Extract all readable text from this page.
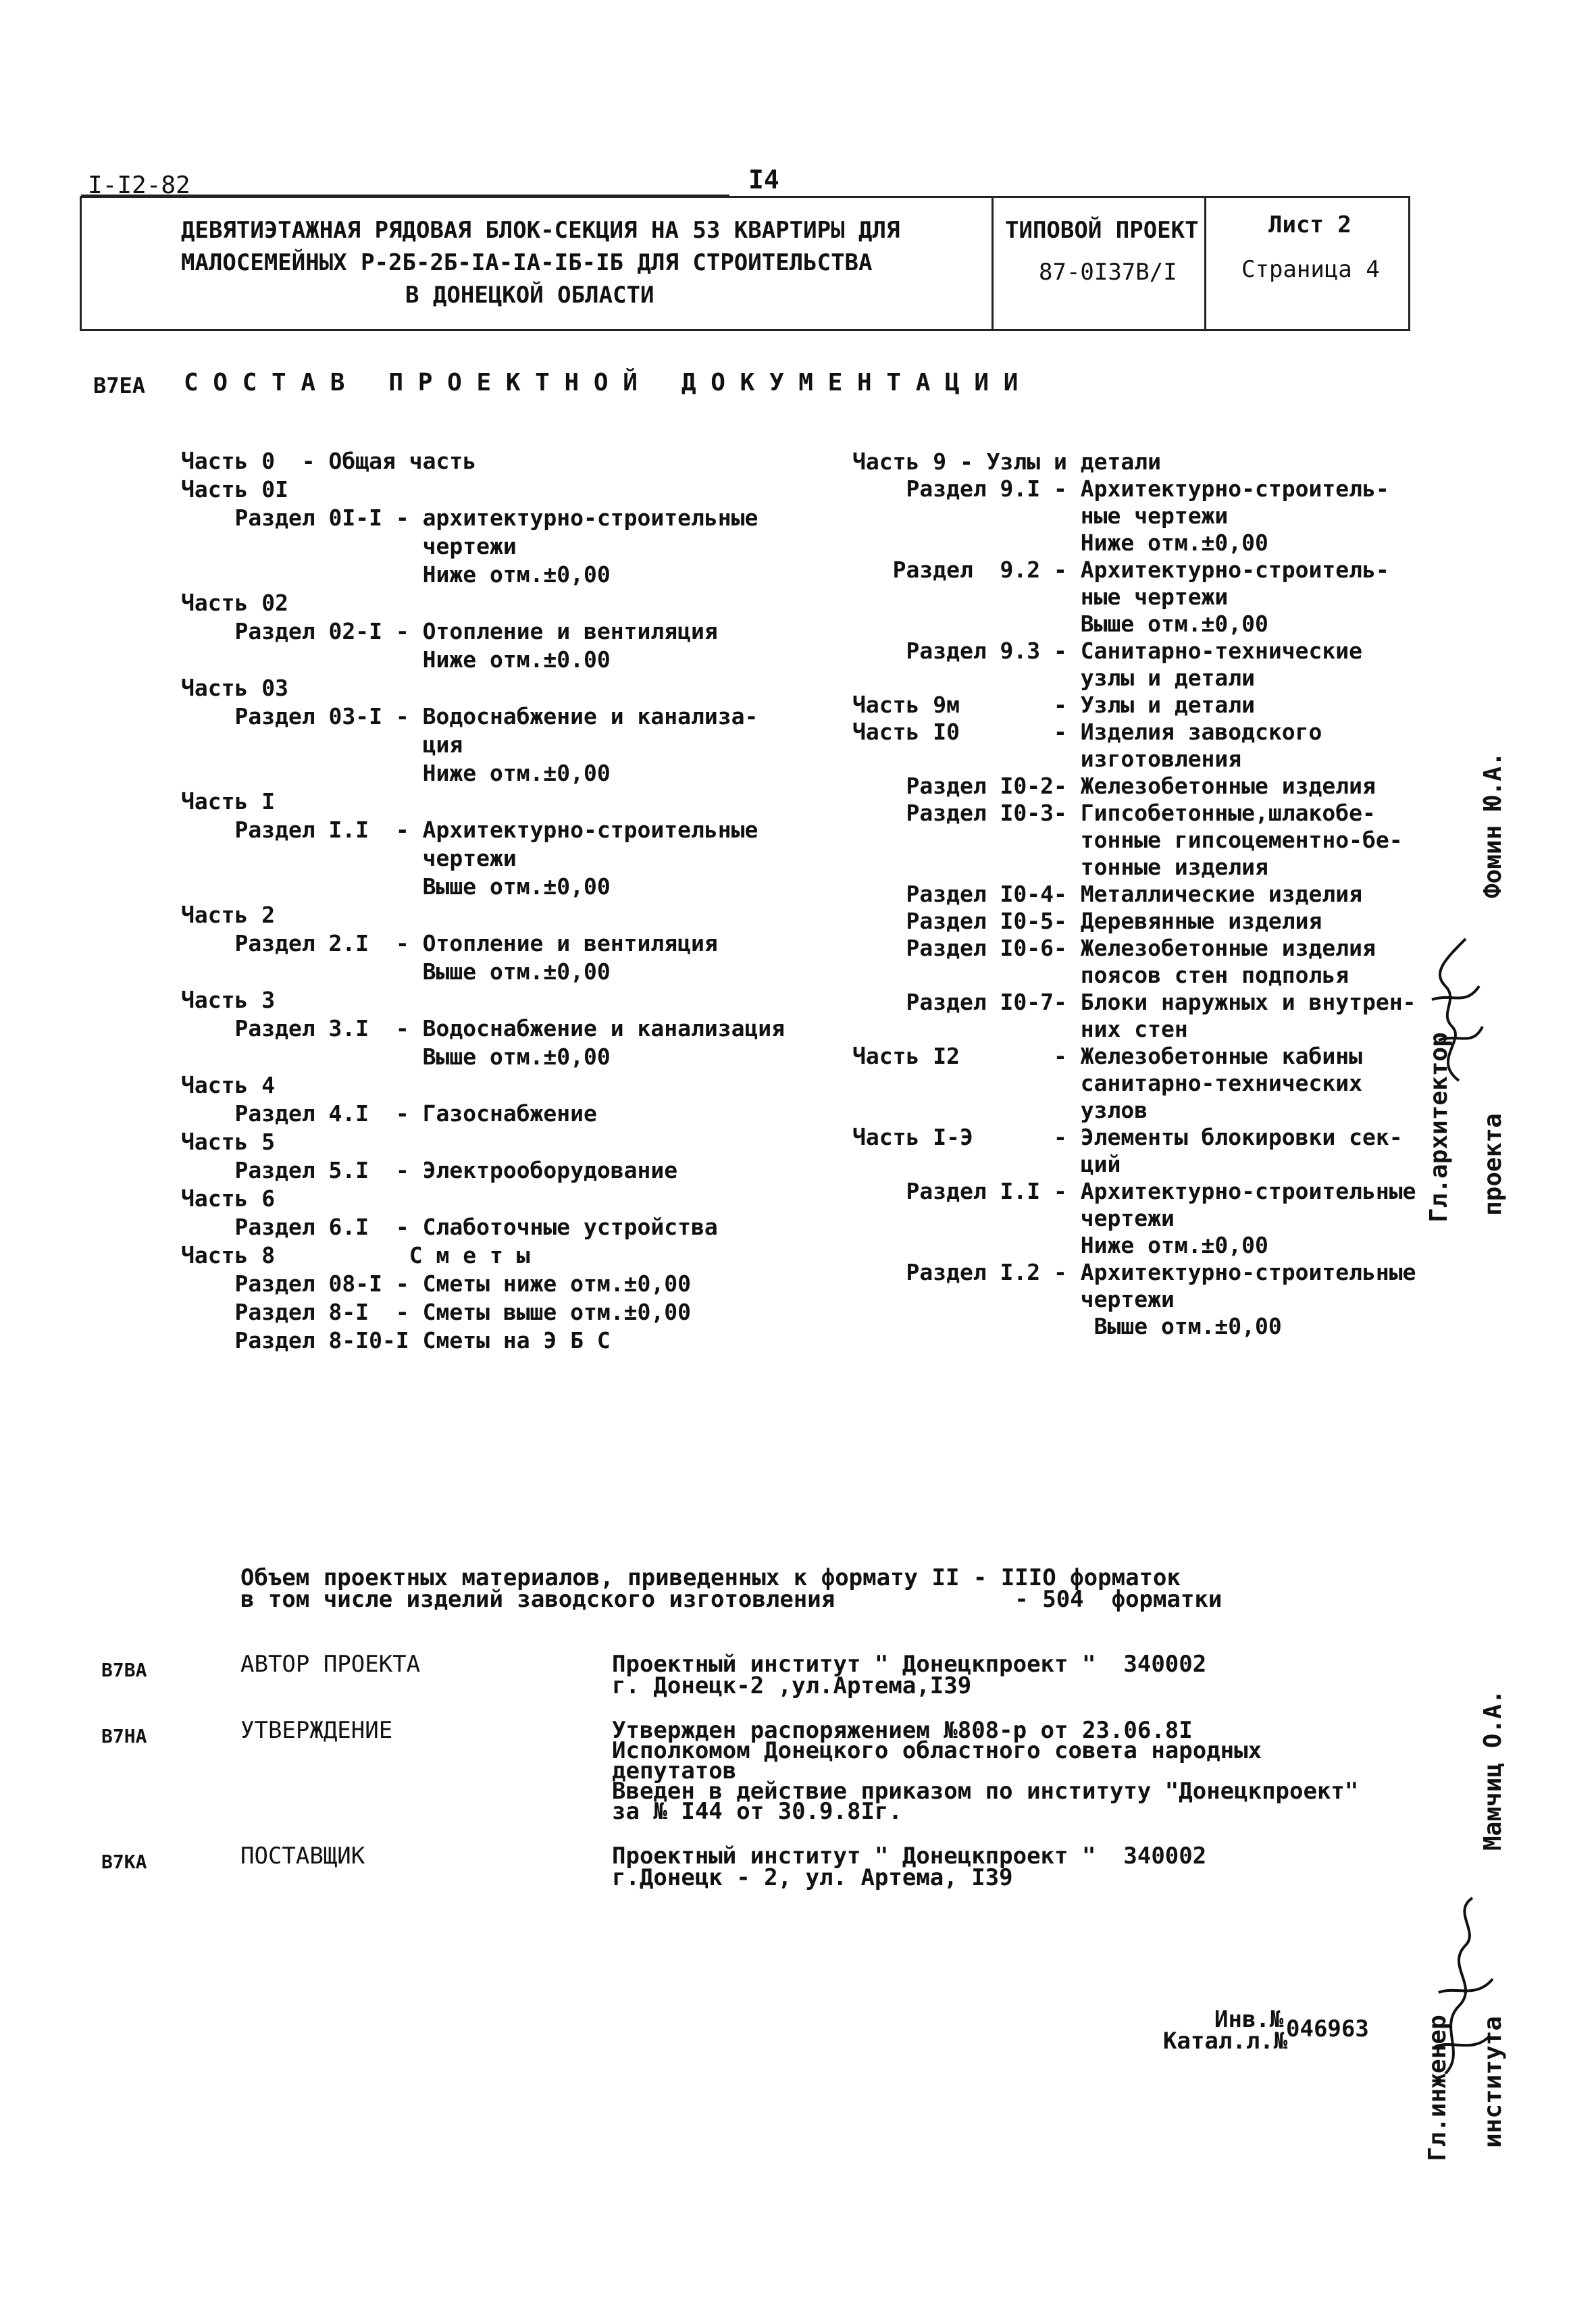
I-I2-82	I4
ДЕВЯТИЭТАЖНАЯ РЯДОВАЯ БЛОК-СЕКЦИЯ НА 53 КВАРТИРЫ ДЛЯ
МАЛОСЕМЕЙНЫХ Р-2Б-2Б-IА-IА-IБ-IБ ДЛЯ СТРОИТЕЛЬСТВА
В ДОНЕЦКОЙ ОБЛАСТИ
ТИПОВОЙ ПРОЕКТ
87-0I37В/I
Лист 2
Страница 4
В7ЕА С О С Т А В   П Р О Е К Т Н О Й   Д О К У М Е Н Т А Ц И И
Часть 0  - Общая часть
Часть 0I
Раздел 0I-I - архитектурно-строительные
чертежи
Ниже отм.±0,00
Часть 02
Раздел 02-I - Отопление и вентиляция
Ниже отм.±0.00
Часть 03
Раздел 03-I - Водоснабжение и канализа-
ция
Ниже отм.±0,00
Часть I
Раздел I.I  - Архитектурно-строительные
чертежи
Выше отм.±0,00
Часть 2
Раздел 2.I  - Отопление и вентиляция
Выше отм.±0,00
Часть 3
Раздел 3.I  - Водоснабжение и канализация
Выше отм.±0,00
Часть 4
Раздел 4.I  - Газоснабжение
Часть 5
Раздел 5.I  - Электрооборудование
Часть 6
Раздел 6.I  - Слаботочные устройства
Часть 8          С м е т ы
Раздел 08-I - Сметы ниже отм.±0,00
Раздел 8-I  - Сметы выше отм.±0,00
Раздел 8-I0-I Сметы на Э Б С
Часть 9 - Узлы и детали
Раздел 9.I - Архитектурно-строитель-
ные чертежи
Ниже отм.±0,00
Раздел  9.2 - Архитектурно-строитель-
ные чертежи
Выше отм.±0,00
Раздел 9.3 - Санитарно-технические
узлы и детали
Часть 9м       - Узлы и детали
Часть I0       - Изделия заводского
изготовления
Раздел I0-2- Железобетонные изделия
Раздел I0-3- Гипсобетонные,шлакобе-
тонные гипсоцементно-бе-
тонные изделия
Раздел I0-4- Металлические изделия
Раздел I0-5- Деревянные изделия
Раздел I0-6- Железобетонные изделия
поясов стен подполья
Раздел I0-7- Блоки наружных и внутрен-
них стен
Часть I2       - Железобетонные кабины
санитарно-технических
узлов
Часть I-Э      - Элементы блокировки сек-
ций
Раздел I.I - Архитектурно-строительные
чертежи
Ниже отм.±0,00
Раздел I.2 - Архитектурно-строительные
чертежи
Выше отм.±0,00
Объем проектных материалов, приведенных к формату II - IIIO форматок
в том числе изделий заводского изготовления             - 504  форматки
В7ВА	АВТОР ПРОЕКТА	Проектный институт " Донецкпроект "  340002
г. Донецк-2 ,ул.Артема,I39
В7НА	УТВЕРЖДЕНИЕ	Утвержден распоряжением №808-р от 23.06.8I
Исполкомом Донецкого областного совета народных
депутатов
Введен в действие приказом по институту "Донецкпроект"
за № I44 от 30.9.8Iг.
В7КА	ПОСТАВЩИК	Проектный институт " Донецкпроект "  340002
г.Донецк - 2, ул. Артема, I39
Инв.№
Катал.л.№
046963
Гл.архитектор проекта
Фомин Ю.А.
Гл.инженер института
Мамчиц О.А.
